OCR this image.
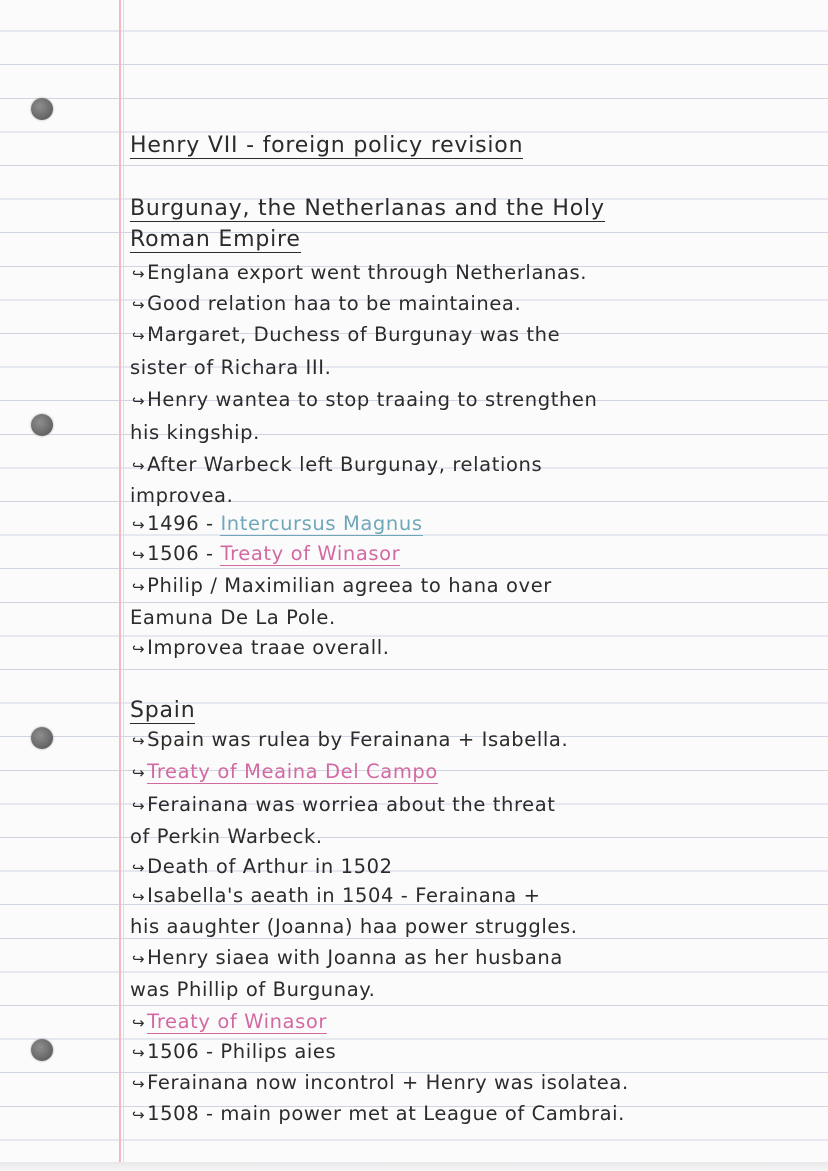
Henry VII - foreign policy revision
Burgunay, the Netherlanas and the Holy
Roman Empire
↪ Englana export went through Netherlanas.
↪ Good relation haa to be maintainea.
↪ Margaret, Duchess of Burgunay was the
sister of Richara III.
↪ Henry wantea to stop traaing to strengthen
his kingship.
↪ After Warbeck left Burgunay, relations
improvea.
↪ 1496 - Intercursus Magnus
↪ 1506 - Treaty of Winasor
↪ Philip / Maximilian agreea to hana over
Eamuna De La Pole.
↪ Improvea traae overall.
Spain
↪ Spain was rulea by Ferainana + Isabella.
↪ Treaty of Meaina Del Campo
↪ Ferainana was worriea about the threat
of Perkin Warbeck.
↪ Death of Arthur in 1502
↪ Isabella's aeath in 1504 - Ferainana +
his aaughter (Joanna) haa power struggles.
↪ Henry siaea with Joanna as her husbana
was Phillip of Burgunay.
↪ Treaty of Winasor
↪ 1506 - Philips aies
↪ Ferainana now incontrol + Henry was isolatea.
↪ 1508 - main power met at League of Cambrai.
